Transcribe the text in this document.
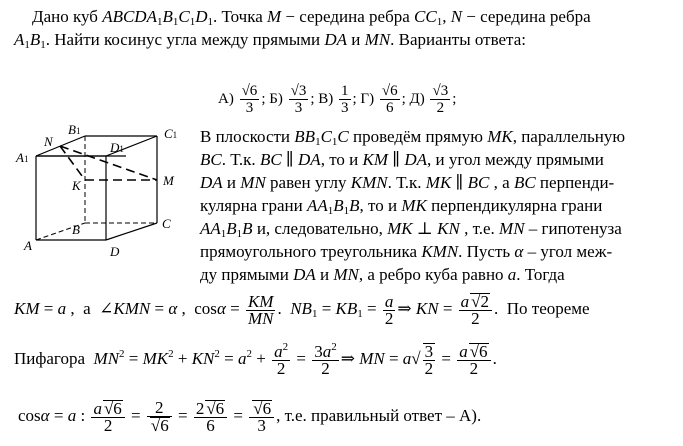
Дано куб $ABCDA_1B_1C_1D_1$. Точка M − середина ребра $CC_1$, N − середина ребра
$A_1B_1$. Найти косинус угла между прямыми DA и MN. Варианты ответа:
$А) \frac{√6}{3}$ ; $Б) \frac{√3}{3}$ ; $В) \frac{1}{3}$ ; $Г) \frac{√6}{6}$ ; $Д) \frac{√3}{2}$ ;
A1
B1	C1
D1
A
B	C
D
K	M
N	В плоскости $BB_1C_1C$ проведём прямую MK, параллельную
BC. Т.к. BC ∥ DA, то и KM ∥ DA, и угол между прямыми
DA и MN равен углу KMN. Т.к. MK ∥ BC , а BC перпенди-
кулярна грани $AA_1B_1B$, то и MK перпендикулярна грани
$AA_1B_1B$ и, следовательно, MK ⊥ KN , т.е. MN – гипотенуза
прямоугольного треугольника KMN. Пусть α – угол меж-
ду прямыми DA и MN, а ребро куба равно a. Тогда
KM = a ,  а  ∠KMN = α ,  $\cos\alpha = \frac{KM}{MN}$ .  $NB_1 = KB_1 = \frac{a}{2}$ ⇒ KN = $\frac{a √2}{2}$ .  По теореме
Пифагора $MN^2 = MK^2 + KN^2 = a^2 + \frac{a^2}{2} = \frac{3a^2}{2}$ ⇒ MN = $a√ \frac{3}{2} = \frac{a √6}{2}$ .
cosα = a : $\frac{a √6}{2} = \frac{2}{√6} = \frac{2 √6}{6} = \frac{√6}{3}$ , т.е. правильный ответ – А).
